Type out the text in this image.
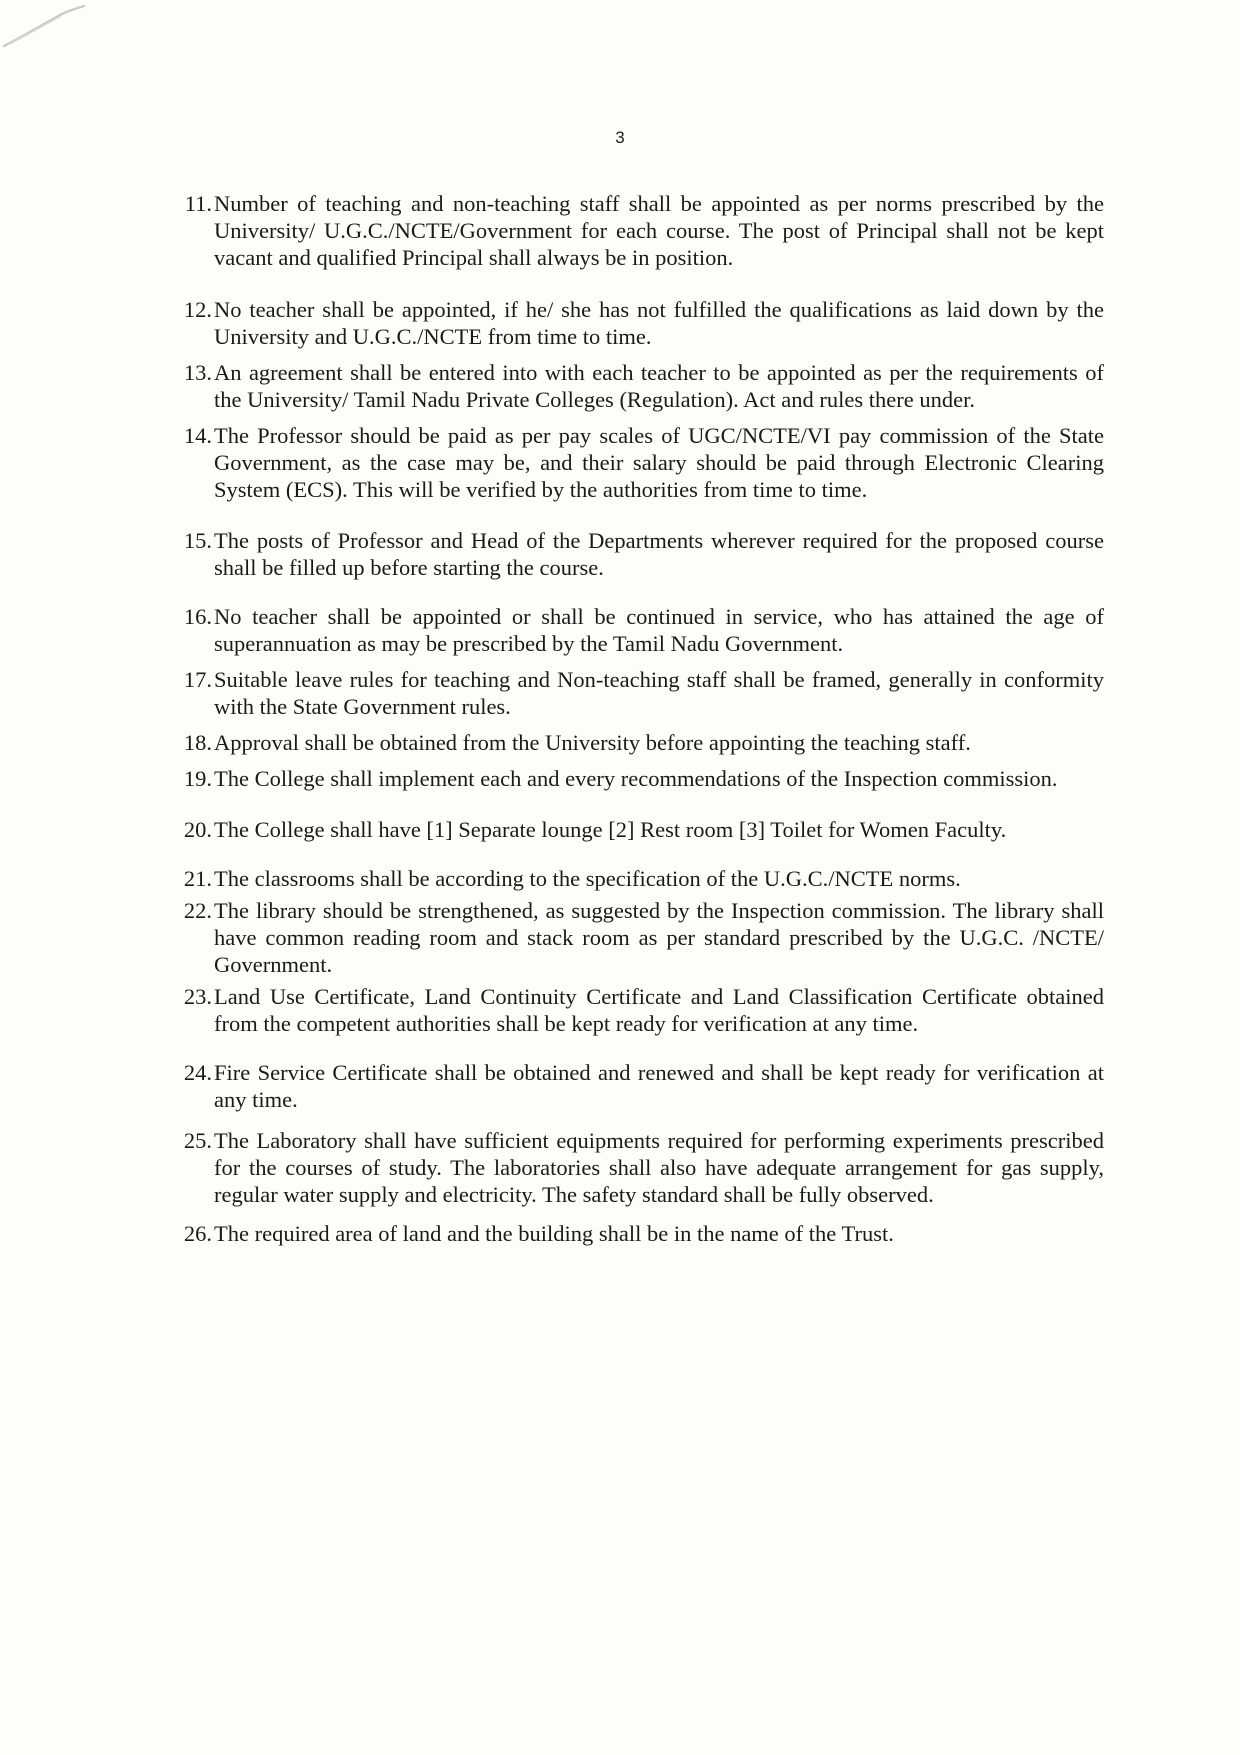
3
11. Number of teaching and non-teaching staff shall be appointed as per norms prescribed by the University/ U.G.C./NCTE/Government for each course. The post of Principal shall not be kept vacant and qualified Principal shall always be in position.
12. No teacher shall be appointed, if he/ she has not fulfilled the qualifications as laid down by the University and U.G.C./NCTE from time to time.
13. An agreement shall be entered into with each teacher to be appointed as per the requirements of the University/ Tamil Nadu Private Colleges (Regulation). Act and rules there under.
14. The Professor should be paid as per pay scales of UGC/NCTE/VI pay commission of the State Government, as the case may be, and their salary should be paid through Electronic Clearing System (ECS). This will be verified by the authorities from time to time.
15. The posts of Professor and Head of the Departments wherever required for the proposed course shall be filled up before starting the course.
16. No teacher shall be appointed or shall be continued in service, who has attained the age of superannuation as may be prescribed by the Tamil Nadu Government.
17. Suitable leave rules for teaching and Non-teaching staff shall be framed, generally in conformity with the State Government rules.
18. Approval shall be obtained from the University before appointing the teaching staff.
19. The College shall implement each and every recommendations of the Inspection commission.
20. The College shall have [1] Separate lounge [2] Rest room [3] Toilet for Women Faculty.
21. The classrooms shall be according to the specification of the U.G.C./NCTE norms.
22. The library should be strengthened, as suggested by the Inspection commission. The library shall have common reading room and stack room as per standard prescribed by the U.G.C. /NCTE/ Government.
23. Land Use Certificate, Land Continuity Certificate and Land Classification Certificate obtained from the competent authorities shall be kept ready for verification at any time.
24. Fire Service Certificate shall be obtained and renewed and shall be kept ready for verification at any time.
25. The Laboratory shall have sufficient equipments required for performing experiments prescribed for the courses of study. The laboratories shall also have adequate arrangement for gas supply, regular water supply and electricity. The safety standard shall be fully observed.
26. The required area of land and the building shall be in the name of the Trust.
